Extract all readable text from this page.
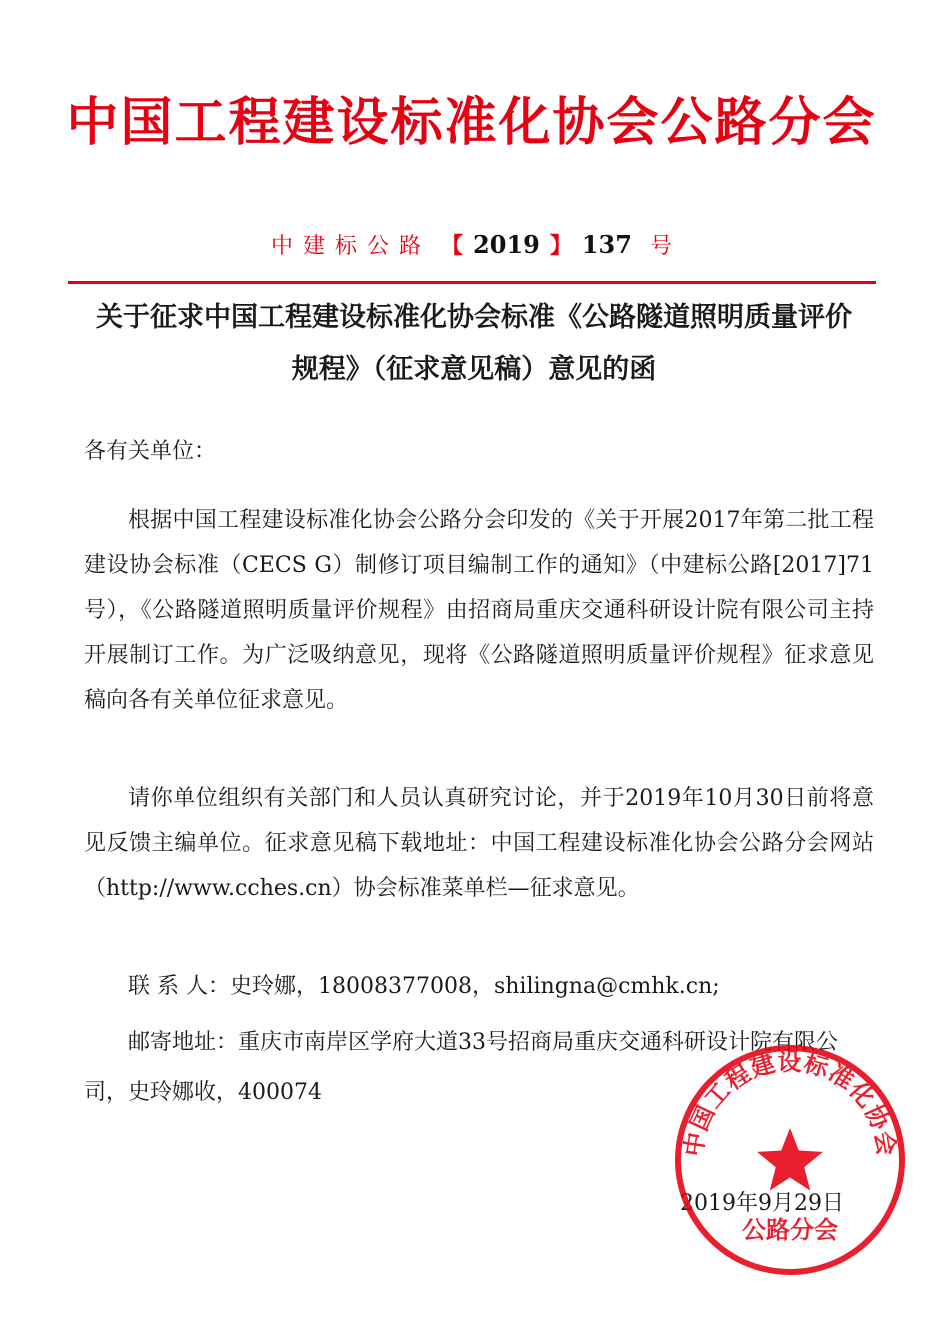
中国工程建设标准化协会公路分会
中建标公路 【 2019 】 137 号
关于征求中国工程建设标准化协会标准《公路隧道照明质量评价
规程》（征求意见稿）意见的函
各有关单位：

根据中国工程建设标准化协会公路分会印发的《关于开展2017年第二批工程建设协会标准（CECS G）制修订项目编制工作的通知》（中建标公路[2017]71号），《公路隧道照明质量评价规程》由招商局重庆交通科研设计院有限公司主持开展制订工作。为广泛吸纳意见，现将《公路隧道照明质量评价规程》征求意见稿向各有关单位征求意见。

请你单位组织有关部门和人员认真研究讨论，并于2019年10月30日前将意见反馈主编单位。征求意见稿下载地址：中国工程建设标准化协会公路分会网站（http://www.cches.cn）协会标准菜单栏—征求意见。

联 系 人：史玲娜，18008377008，shilingna@cmhk.cn;
邮寄地址：重庆市南岸区学府大道33号招商局重庆交通科研设计院有限公司，史玲娜收，400074
2019年9月29日
中国工程建设标准化协会
公路分会
